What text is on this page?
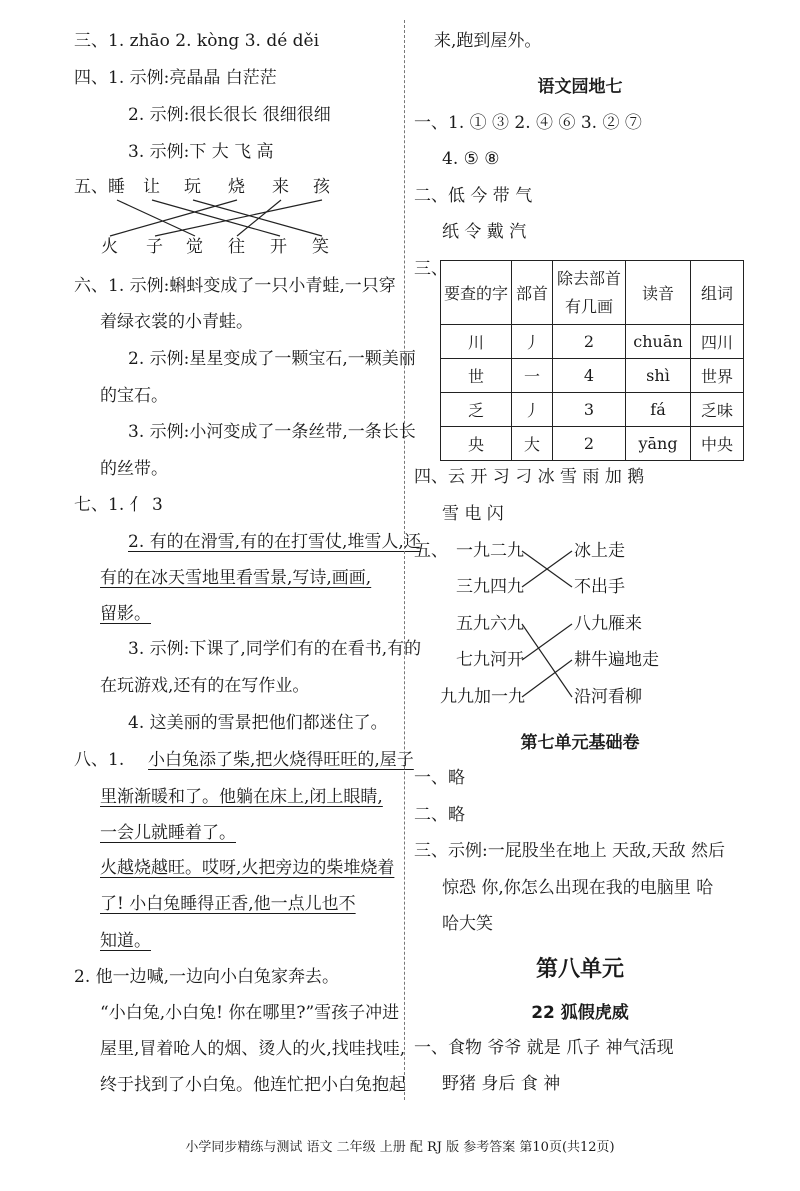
三、1. zhāo 2. kòng 3. dé děi
四、1. 示例:亮晶晶 白茫茫
2. 示例:很长很长 很细很细
3. 示例:下 大 飞 高
五、 睡 让 玩 烧 来 孩
火 子 觉 往 开 笑
六、1. 示例:蝌蚪变成了一只小青蛙,一只穿
着绿衣裳的小青蛙。
2. 示例:星星变成了一颗宝石,一颗美丽
的宝石。
3. 示例:小河变成了一条丝带,一条长长
的丝带。
七、1. 亻 3
2. 有的在滑雪,有的在打雪仗,堆雪人,还
有的在冰天雪地里看雪景,写诗,画画,
留影。
3. 示例:下课了,同学们有的在看书,有的
在玩游戏,还有的在写作业。
4. 这美丽的雪景把他们都迷住了。
八、1. 小白兔添了柴,把火烧得旺旺的,屋子
里渐渐暖和了。他躺在床上,闭上眼睛,
一会儿就睡着了。
火越烧越旺。哎呀,火把旁边的柴堆烧着
了! 小白兔睡得正香,他一点儿也不
知道。
2. 他一边喊,一边向小白兔家奔去。
“小白兔,小白兔! 你在哪里?”雪孩子冲进
屋里,冒着呛人的烟、烫人的火,找哇找哇,
终于找到了小白兔。他连忙把小白兔抱起
来,跑到屋外。
语文园地七
一、1. ① ③ 2. ④ ⑥ 3. ② ⑦
4. ⑤ ⑧
二、低 今 带 气
纸 令 戴 汽
三、
要查的字	部首	除去部首有几画	读音	组词
川	丿	2	chuān	四川
世	一	4	shì	世界
乏	丿	3	fá	乏味
央	大	2	yāng	中央
四、云 开 习 刁 冰 雪 雨 加 鹅
雪 电 闪
五、 一九二九
三九四九
五九六九
七九河开
九九加一九
冰上走
不出手
八九雁来
耕牛遍地走
沿河看柳
第七单元基础卷
一、略
二、略
三、示例:一屁股坐在地上 天敌,天敌 然后
惊恐 你,你怎么出现在我的电脑里 哈
哈大笑
第八单元
22 狐假虎威
一、食物 爷爷 就是 爪子 神气活现
野猪 身后 食 神
小学同步精练与测试 语文 二年级 上册 配 RJ 版 参考答案 第10页(共12页)
